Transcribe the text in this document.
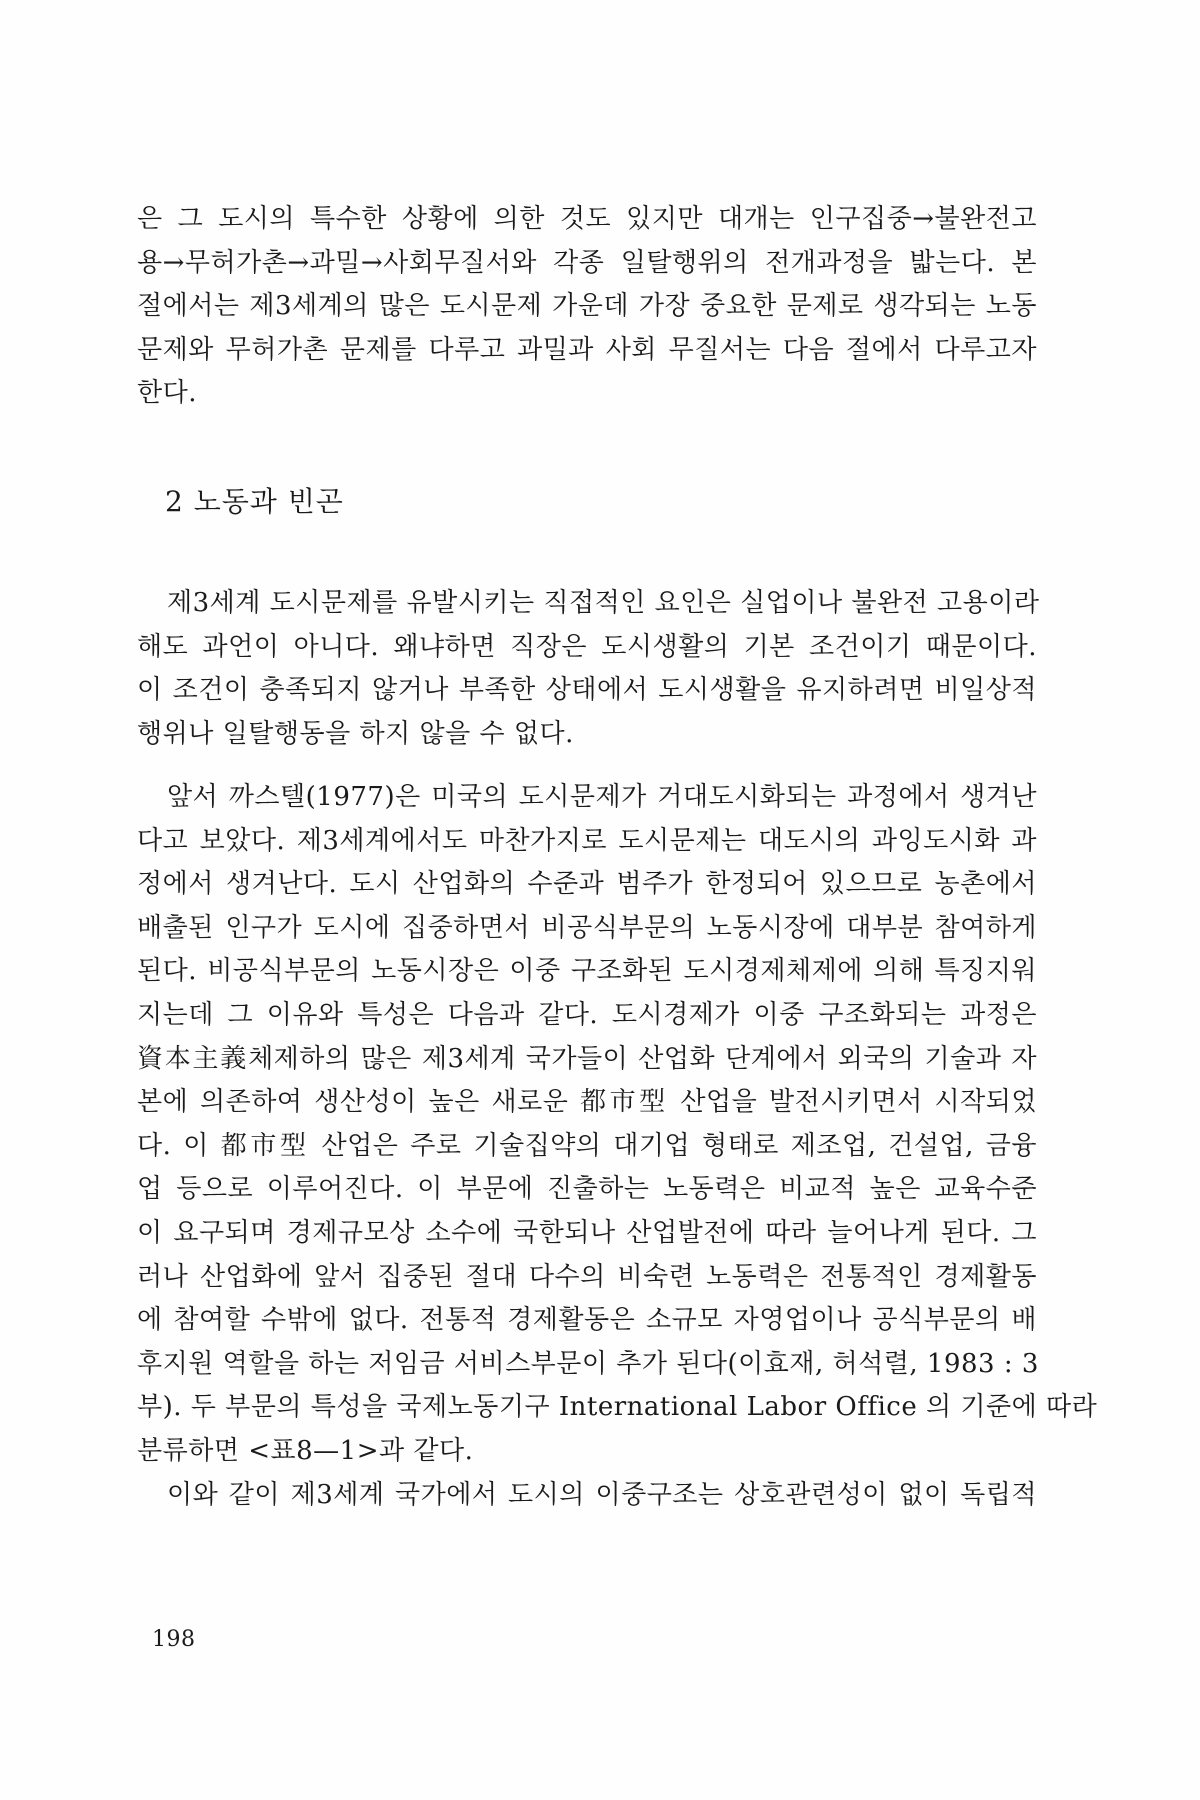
은 그 도시의 특수한 상황에 의한 것도 있지만 대개는 인구집중→불완전고
용→무허가촌→과밀→사회무질서와 각종 일탈행위의 전개과정을 밟는다. 본
절에서는 제3세계의 많은 도시문제 가운데 가장 중요한 문제로 생각되는 노동
문제와 무허가촌 문제를 다루고 과밀과 사회 무질서는 다음 절에서 다루고자
한다.
2 노동과 빈곤
제3세계 도시문제를 유발시키는 직접적인 요인은 실업이나 불완전 고용이라
해도 과언이 아니다. 왜냐하면 직장은 도시생활의 기본 조건이기 때문이다.
이 조건이 충족되지 않거나 부족한 상태에서 도시생활을 유지하려면 비일상적
행위나 일탈행동을 하지 않을 수 없다.
앞서 까스텔(1977)은 미국의 도시문제가 거대도시화되는 과정에서 생겨난
다고 보았다. 제3세계에서도 마찬가지로 도시문제는 대도시의 과잉도시화 과
정에서 생겨난다. 도시 산업화의 수준과 범주가 한정되어 있으므로 농촌에서
배출된 인구가 도시에 집중하면서 비공식부문의 노동시장에 대부분 참여하게
된다. 비공식부문의 노동시장은 이중 구조화된 도시경제체제에 의해 특징지워
지는데 그 이유와 특성은 다음과 같다. 도시경제가 이중 구조화되는 과정은
資本主義체제하의 많은 제3세계 국가들이 산업화 단계에서 외국의 기술과 자
본에 의존하여 생산성이 높은 새로운 都市型 산업을 발전시키면서 시작되었
다. 이 都市型 산업은 주로 기술집약의 대기업 형태로 제조업, 건설업, 금융
업 등으로 이루어진다. 이 부문에 진출하는 노동력은 비교적 높은 교육수준
이 요구되며 경제규모상 소수에 국한되나 산업발전에 따라 늘어나게 된다. 그
러나 산업화에 앞서 집중된 절대 다수의 비숙련 노동력은 전통적인 경제활동
에 참여할 수밖에 없다. 전통적 경제활동은 소규모 자영업이나 공식부문의 배
후지원 역할을 하는 저임금 서비스부문이 추가 된다(이효재, 허석렬, 1983 : 3
부). 두 부문의 특성을 국제노동기구 International Labor Office 의 기준에 따라
분류하면 <표8—1>과 같다.
이와 같이 제3세계 국가에서 도시의 이중구조는 상호관련성이 없이 독립적
198
